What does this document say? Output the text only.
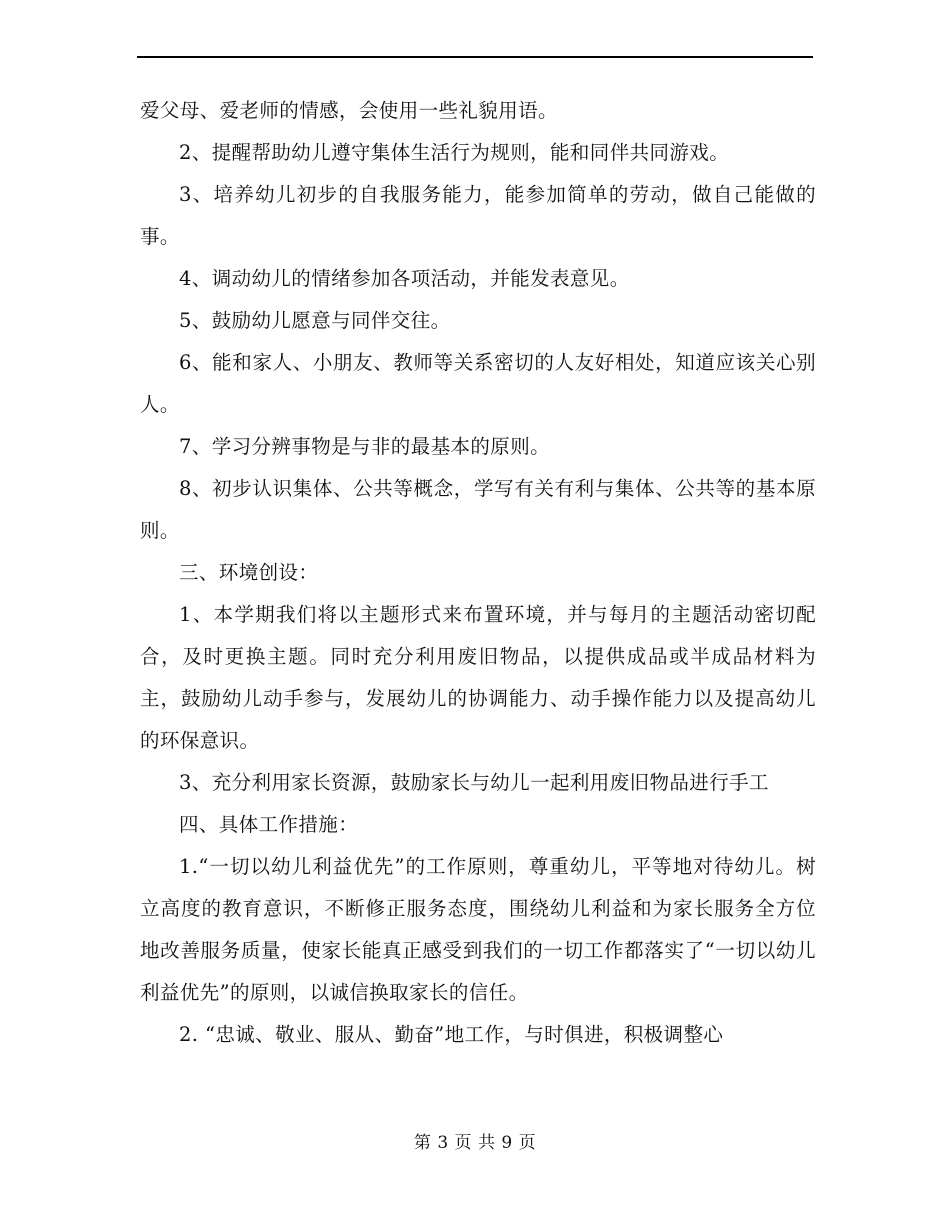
爱父母、爱老师的情感，会使用一些礼貌用语。

2、提醒帮助幼儿遵守集体生活行为规则，能和同伴共同游戏。

3、培养幼儿初步的自我服务能力，能参加简单的劳动，做自己能做的事。

4、调动幼儿的情绪参加各项活动，并能发表意见。

5、鼓励幼儿愿意与同伴交往。

6、能和家人、小朋友、教师等关系密切的人友好相处，知道应该关心别人。

7、学习分辨事物是与非的最基本的原则。

8、初步认识集体、公共等概念，学写有关有利与集体、公共等的基本原则。

三、环境创设：

1、本学期我们将以主题形式来布置环境，并与每月的主题活动密切配合，及时更换主题。同时充分利用废旧物品，以提供成品或半成品材料为主，鼓励幼儿动手参与，发展幼儿的协调能力、动手操作能力以及提高幼儿的环保意识。

3、充分利用家长资源，鼓励家长与幼儿一起利用废旧物品进行手工

四、具体工作措施：

1.“一切以幼儿利益优先”的工作原则，尊重幼儿，平等地对待幼儿。树立高度的教育意识，不断修正服务态度，围绕幼儿利益和为家长服务全方位地改善服务质量，使家长能真正感受到我们的一切工作都落实了“一切以幼儿利益优先”的原则，以诚信换取家长的信任。

2. “忠诚、敬业、服从、勤奋”地工作，与时俱进，积极调整心

第 3 页 共 9 页
